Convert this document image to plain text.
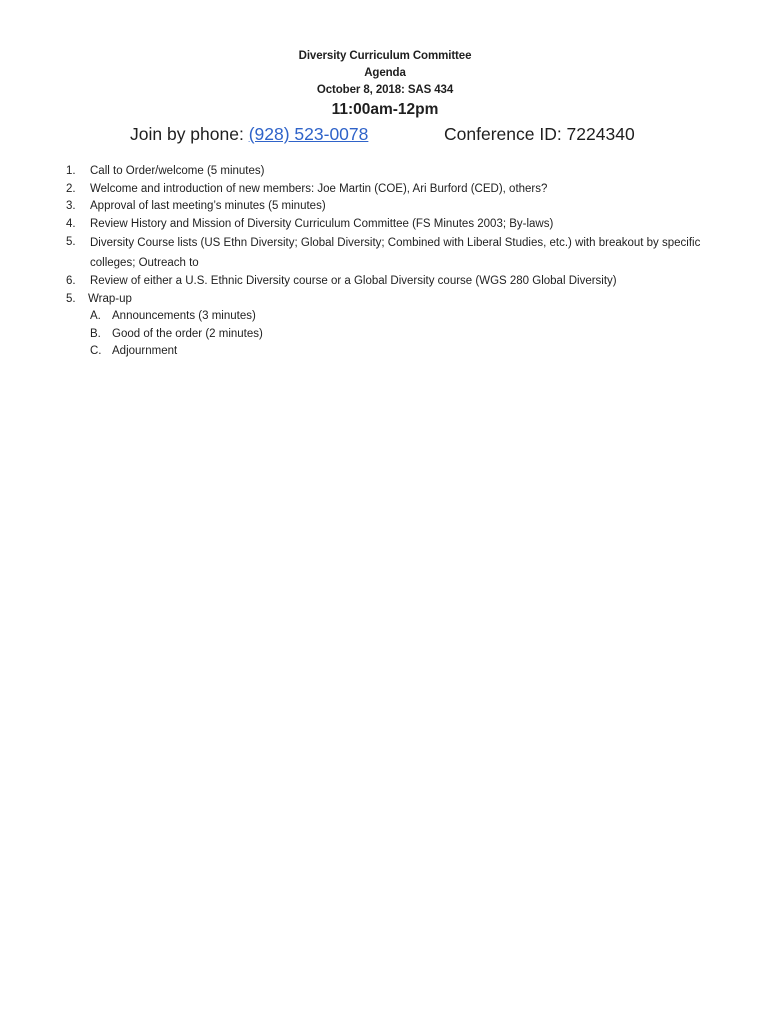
Diversity Curriculum Committee
Agenda
October 8, 2018: SAS 434
11:00am-12pm
Join by phone: (928) 523-0078	Conference ID: 7224340
1. Call to Order/welcome (5 minutes)
2. Welcome and introduction of new members: Joe Martin (COE), Ari Burford (CED), others?
3. Approval of last meeting’s minutes (5 minutes)
4. Review History and Mission of Diversity Curriculum Committee (FS Minutes 2003; By-laws)
5. Diversity Course lists (US Ethn Diversity; Global Diversity; Combined with Liberal Studies, etc.) with breakout by specific colleges; Outreach to
6. Review of either a U.S. Ethnic Diversity course or a Global Diversity course (WGS 280 Global Diversity)
5. Wrap-up
A. Announcements (3 minutes)
B. Good of the order (2 minutes)
C. Adjournment
